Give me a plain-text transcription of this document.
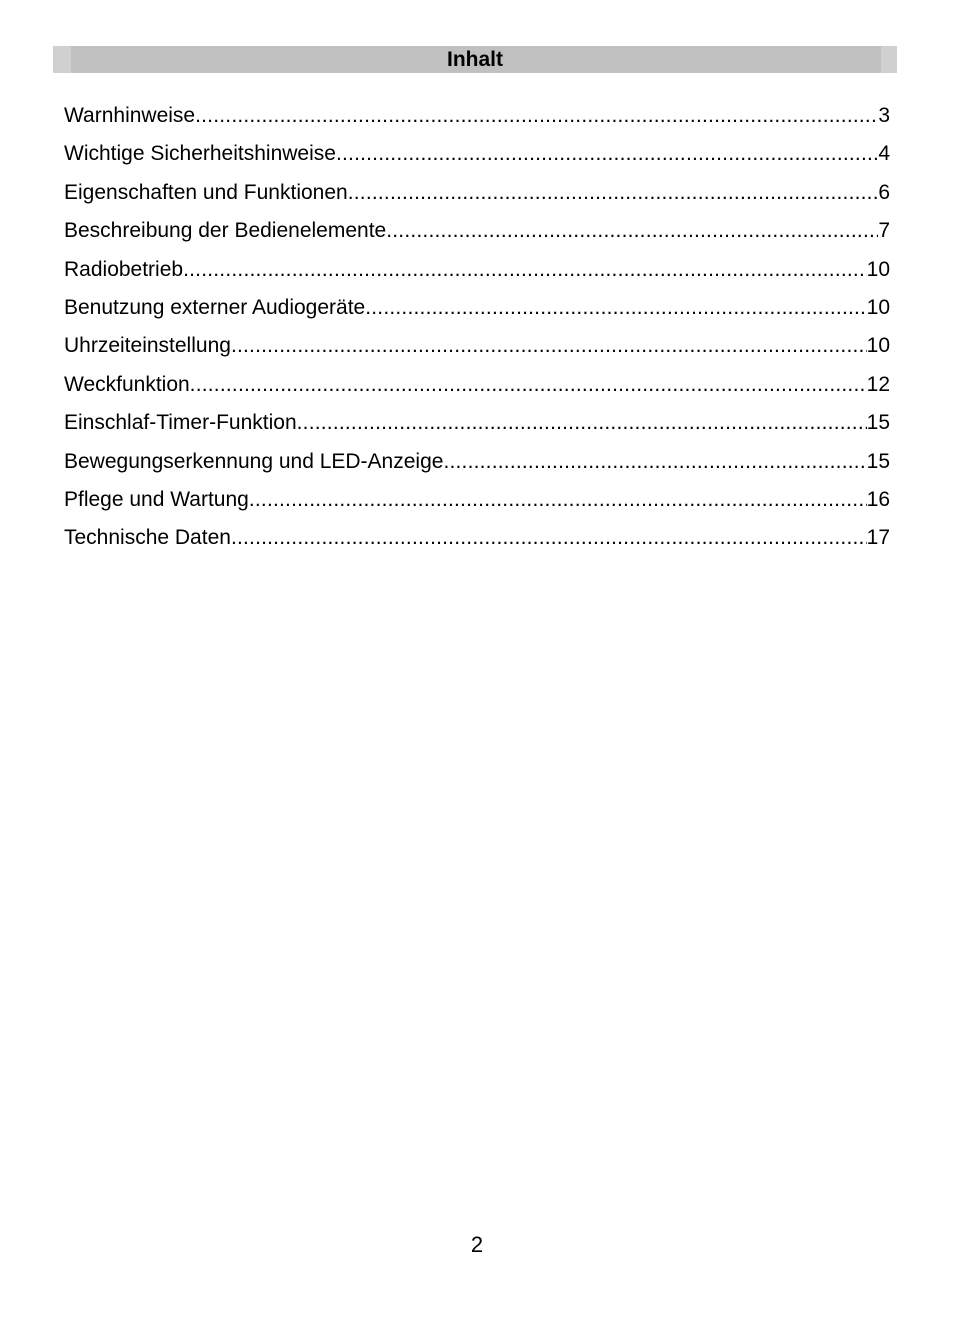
Inhalt
Warnhinweise .....	3
Wichtige Sicherheitshinweise .....	4
Eigenschaften und Funktionen .....	6
Beschreibung der Bedienelemente .....	7
Radiobetrieb .....	10
Benutzung externer Audiogeräte .....	10
Uhrzeiteinstellung .....	10
Weckfunktion .....	12
Einschlaf-Timer-Funktion .....	15
Bewegungserkennung und LED-Anzeige .....	15
Pflege und Wartung .....	16
Technische Daten .....	17
2
